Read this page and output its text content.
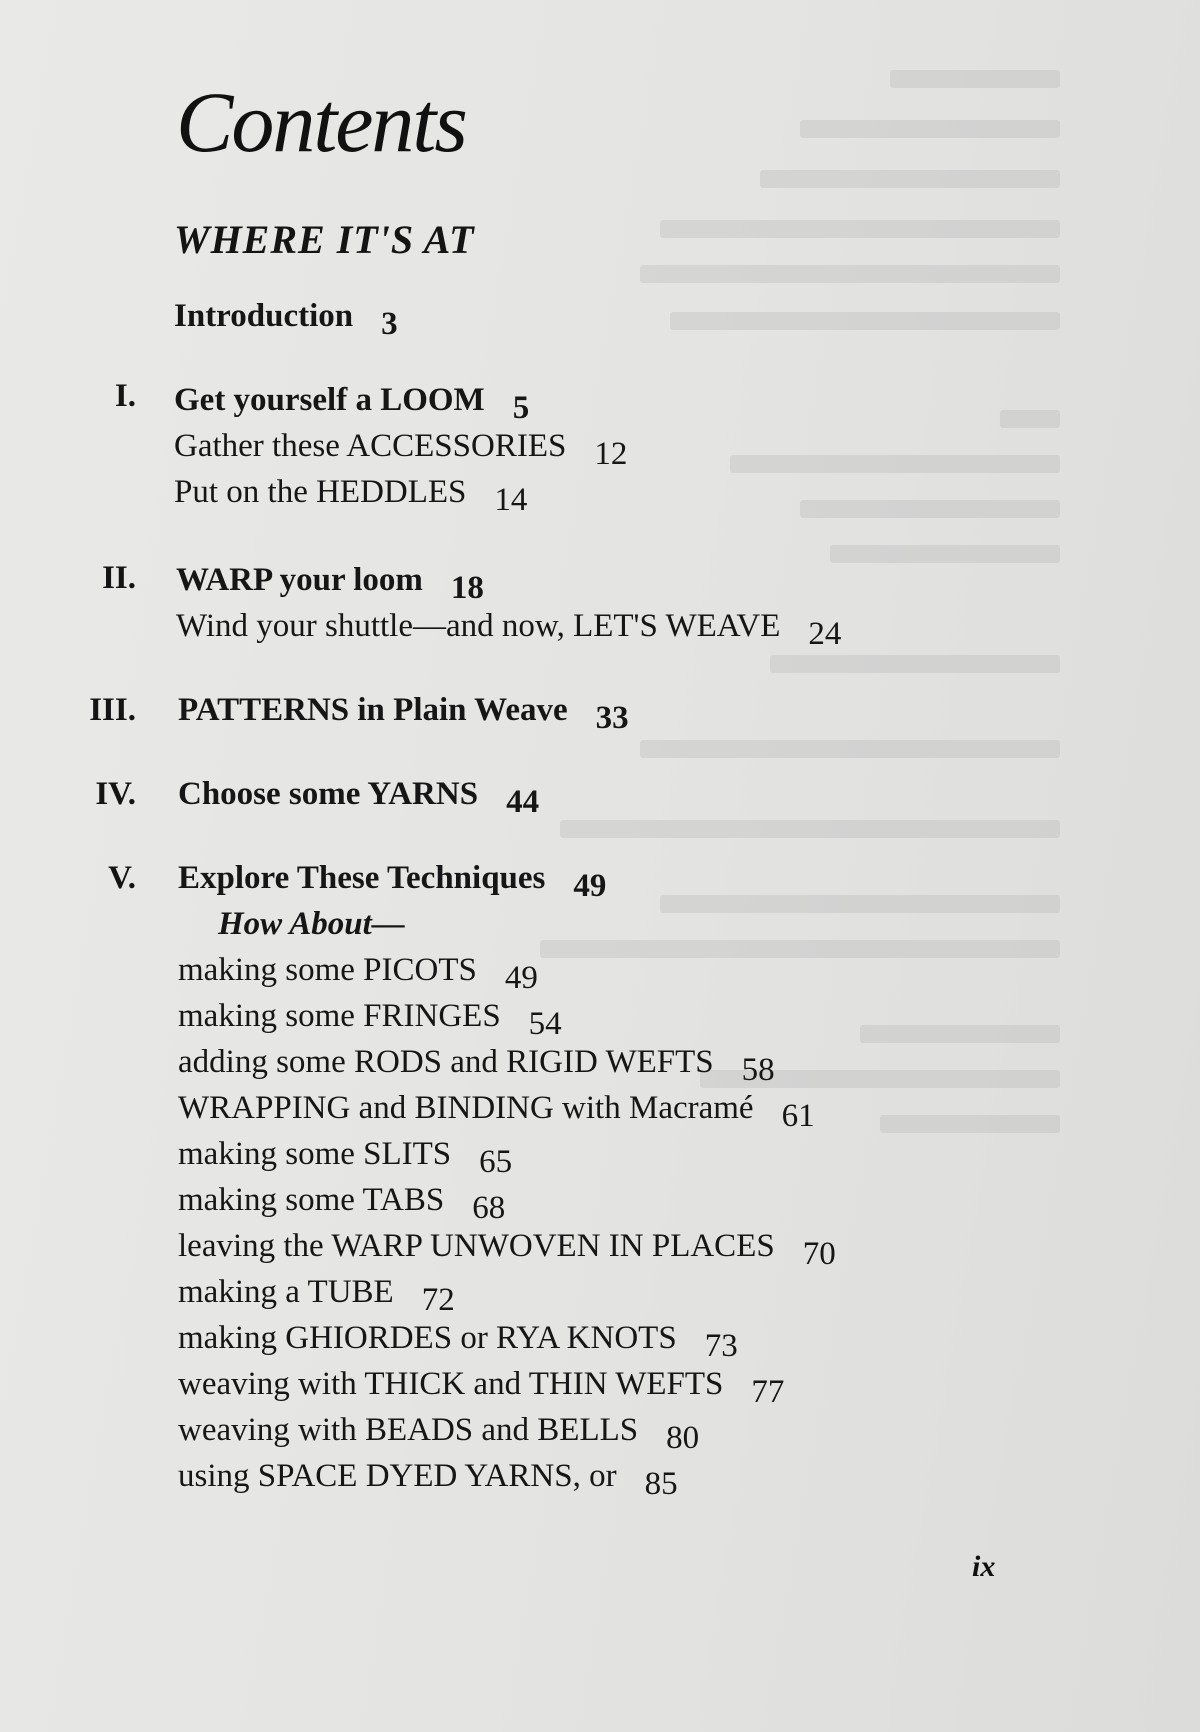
Contents
WHERE IT'S AT
Introduction 3
I. Get yourself a LOOM 5
Gather these ACCESSORIES 12
Put on the HEDDLES 14
II. WARP your loom 18
Wind your shuttle—and now, LET'S WEAVE 24
III. PATTERNS in Plain Weave 33
IV. Choose some YARNS 44
V. Explore These Techniques 49
How About—
making some PICOTS 49
making some FRINGES 54
adding some RODS and RIGID WEFTS 58
WRAPPING and BINDING with Macramé 61
making some SLITS 65
making some TABS 68
leaving the WARP UNWOVEN IN PLACES 70
making a TUBE 72
making GHIORDES or RYA KNOTS 73
weaving with THICK and THIN WEFTS 77
weaving with BEADS and BELLS 80
using SPACE DYED YARNS, or 85
ix
